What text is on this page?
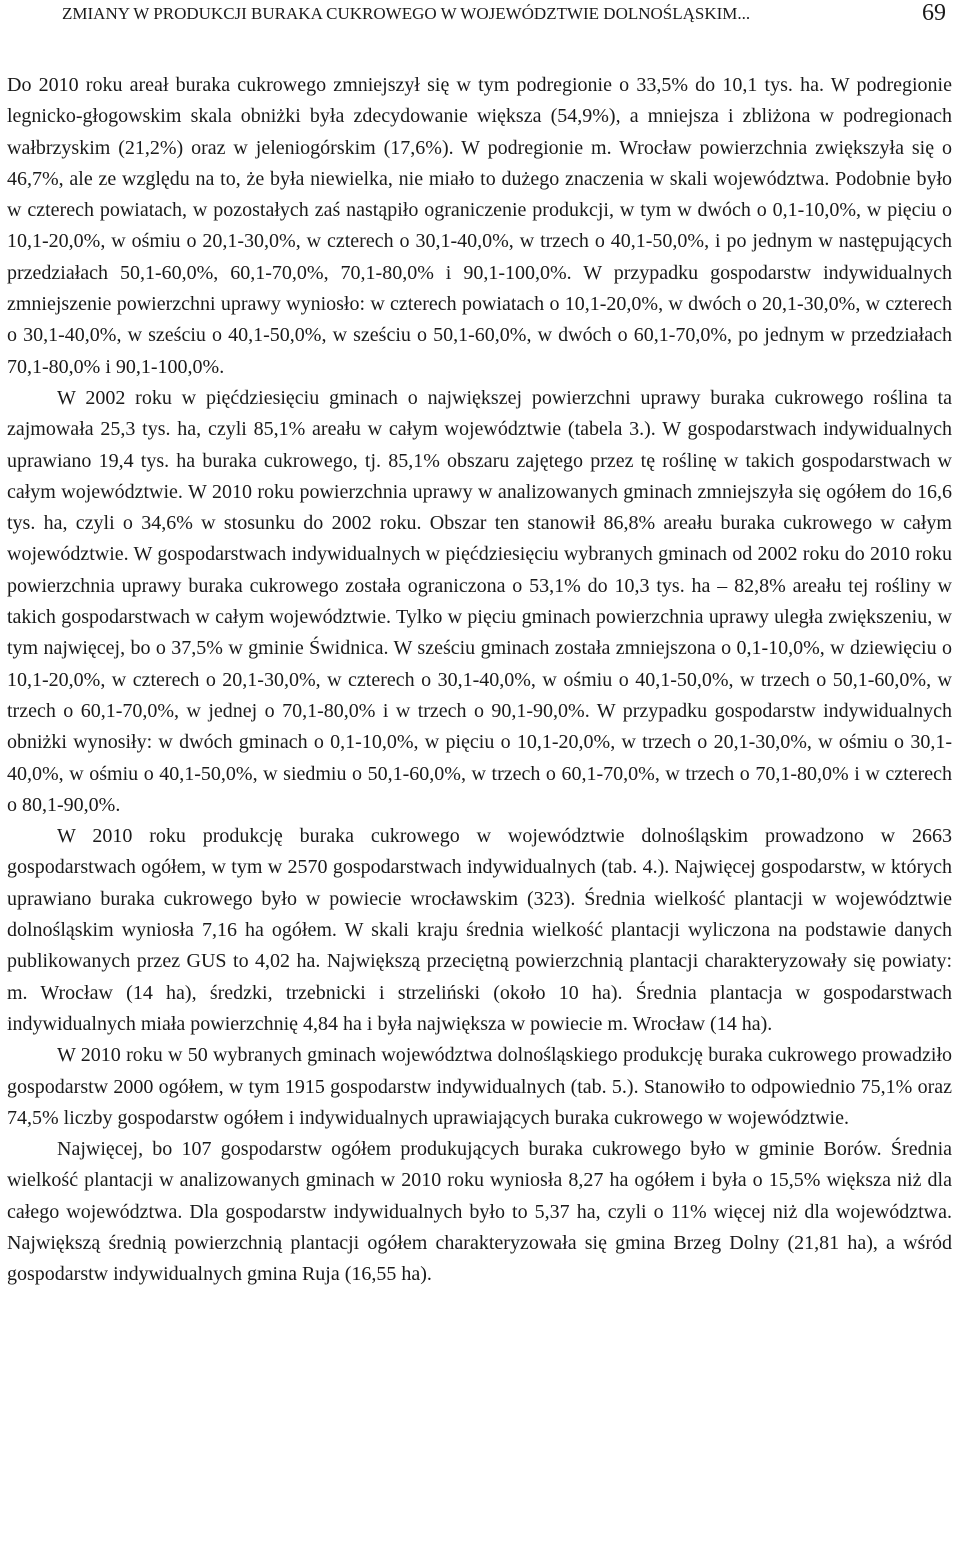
ZMIANY W PRODUKCJI BURAKA CUKROWEGO W WOJEWÓDZTWIE DOLNOŚLĄSKIM...	69

Do 2010 roku areał buraka cukrowego zmniejszył się w tym podregionie o 33,5% do 10,1 tys. ha. W podregionie legnicko-głogowskim skala obniżki była zdecydowanie większa (54,9%), a mniejsza i zbliżona w podregionach wałbrzyskim (21,2%) oraz w jeleniogórskim (17,6%). W podregionie m. Wrocław powierzchnia zwiększyła się o 46,7%, ale ze względu na to, że była niewielka, nie miało to dużego znaczenia w skali województwa. Podobnie było w czterech powiatach, w pozostałych zaś nastąpiło ograniczenie produkcji, w tym w dwóch o 0,1-10,0%, w pięciu o 10,1-20,0%, w ośmiu o 20,1-30,0%, w czterech o 30,1-40,0%, w trzech o 40,1-50,0%, i po jednym w następujących przedziałach 50,1-60,0%, 60,1-70,0%, 70,1-80,0% i 90,1-100,0%. W przypadku gospodarstw indywidualnych zmniejszenie powierzchni uprawy wyniosło: w czterech powiatach o 10,1-20,0%, w dwóch o 20,1-30,0%, w czterech o 30,1-40,0%, w sześciu o 40,1-50,0%, w sześciu o 50,1-60,0%, w dwóch o 60,1-70,0%, po jednym w przedziałach 70,1-80,0% i 90,1-100,0%.

W 2002 roku w pięćdziesięciu gminach o największej powierzchni uprawy buraka cukrowego roślina ta zajmowała 25,3 tys. ha, czyli 85,1% areału w całym województwie (tabela 3.). W gospodarstwach indywidualnych uprawiano 19,4 tys. ha buraka cukrowego, tj. 85,1% obszaru zajętego przez tę roślinę w takich gospodarstwach w całym województwie. W 2010 roku powierzchnia uprawy w analizowanych gminach zmniejszyła się ogółem do 16,6 tys. ha, czyli o 34,6% w stosunku do 2002 roku. Obszar ten stanowił 86,8% areału buraka cukrowego w całym województwie. W gospodarstwach indywidualnych w pięćdziesięciu wybranych gminach od 2002 roku do 2010 roku powierzchnia uprawy buraka cukrowego została ograniczona o 53,1% do 10,3 tys. ha – 82,8% areału tej rośliny w takich gospodarstwach w całym województwie. Tylko w pięciu gminach powierzchnia uprawy uległa zwiększeniu, w tym najwięcej, bo o 37,5% w gminie Świdnica. W sześciu gminach została zmniejszona o 0,1-10,0%, w dziewięciu o 10,1-20,0%, w czterech o 20,1-30,0%, w czterech o 30,1-40,0%, w ośmiu o 40,1-50,0%, w trzech o 50,1-60,0%, w trzech o 60,1-70,0%, w jednej o 70,1-80,0% i w trzech o 90,1-90,0%. W przypadku gospodarstw indywidualnych obniżki wynosiły: w dwóch gminach o 0,1-10,0%, w pięciu o 10,1-20,0%, w trzech o 20,1-30,0%, w ośmiu o 30,1-40,0%, w ośmiu o 40,1-50,0%, w siedmiu o 50,1-60,0%, w trzech o 60,1-70,0%, w trzech o 70,1-80,0% i w czterech o 80,1-90,0%.

W 2010 roku produkcję buraka cukrowego w województwie dolnośląskim prowadzono w 2663 gospodarstwach ogółem, w tym w 2570 gospodarstwach indywidualnych (tab. 4.). Najwięcej gospodarstw, w których uprawiano buraka cukrowego było w powiecie wrocławskim (323). Średnia wielkość plantacji w województwie dolnośląskim wyniosła 7,16 ha ogółem. W skali kraju średnia wielkość plantacji wyliczona na podstawie danych publikowanych przez GUS to 4,02 ha. Największą przeciętną powierzchnią plantacji charakteryzowały się powiaty: m. Wrocław (14 ha), średzki, trzebnicki i strzeliński (około 10 ha). Średnia plantacja w gospodarstwach indywidualnych miała powierzchnię 4,84 ha i była największa w powiecie m. Wrocław (14 ha).

W 2010 roku w 50 wybranych gminach województwa dolnośląskiego produkcję buraka cukrowego prowadziło gospodarstw 2000 ogółem, w tym 1915 gospodarstw indywidualnych (tab. 5.). Stanowiło to odpowiednio 75,1% oraz 74,5% liczby gospodarstw ogółem i indywidualnych uprawiających buraka cukrowego w województwie.

Najwięcej, bo 107 gospodarstw ogółem produkujących buraka cukrowego było w gminie Borów. Średnia wielkość plantacji w analizowanych gminach w 2010 roku wyniosła 8,27 ha ogółem i była o 15,5% większa niż dla całego województwa. Dla gospodarstw indywidualnych było to 5,37 ha, czyli o 11% więcej niż dla województwa. Największą średnią powierzchnią plantacji ogółem charakteryzowała się gmina Brzeg Dolny (21,81 ha), a wśród gospodarstw indywidualnych gmina Ruja (16,55 ha).
